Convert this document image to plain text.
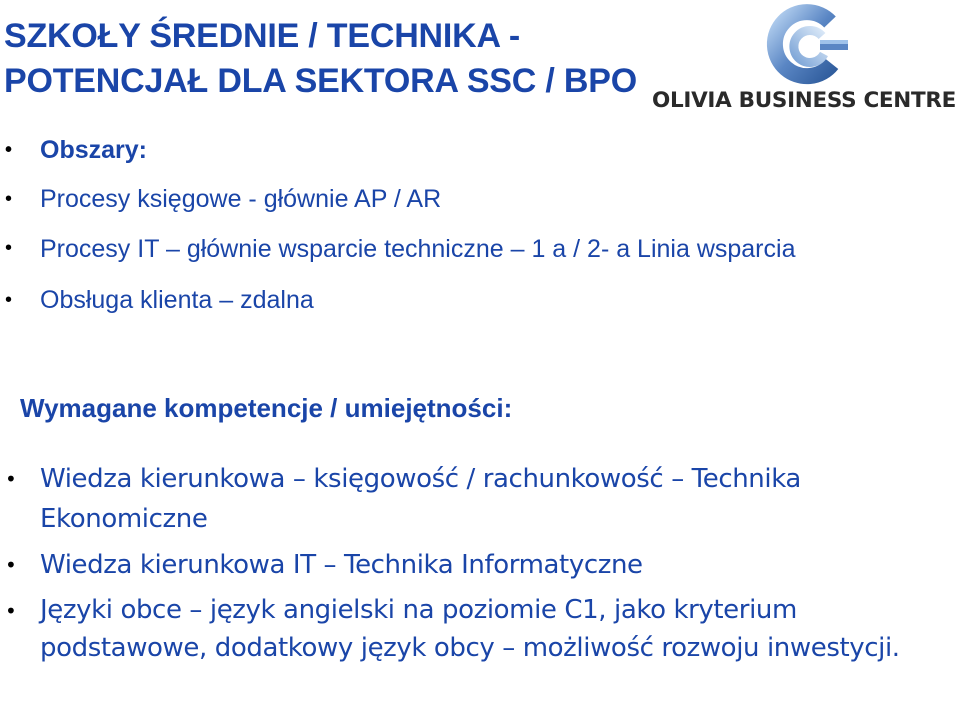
SZKOŁY ŚREDNIE / TECHNIKA - POTENCJAŁ DLA SEKTORA SSC / BPO
OLIVIA BUSINESS CENTRE
• Obszary:
• Procesy księgowe - głównie AP / AR
• Procesy IT – głównie wsparcie techniczne – 1 a / 2- a Linia wsparcia
• Obsługa klienta – zdalna
Wymagane kompetencje / umiejętności:
• Wiedza kierunkowa – księgowość / rachunkowość – Technika Ekonomiczne
• Wiedza kierunkowa IT – Technika Informatyczne
• Języki obce – język angielski na poziomie C1, jako kryterium podstawowe, dodatkowy język obcy – możliwość rozwoju inwestycji.
